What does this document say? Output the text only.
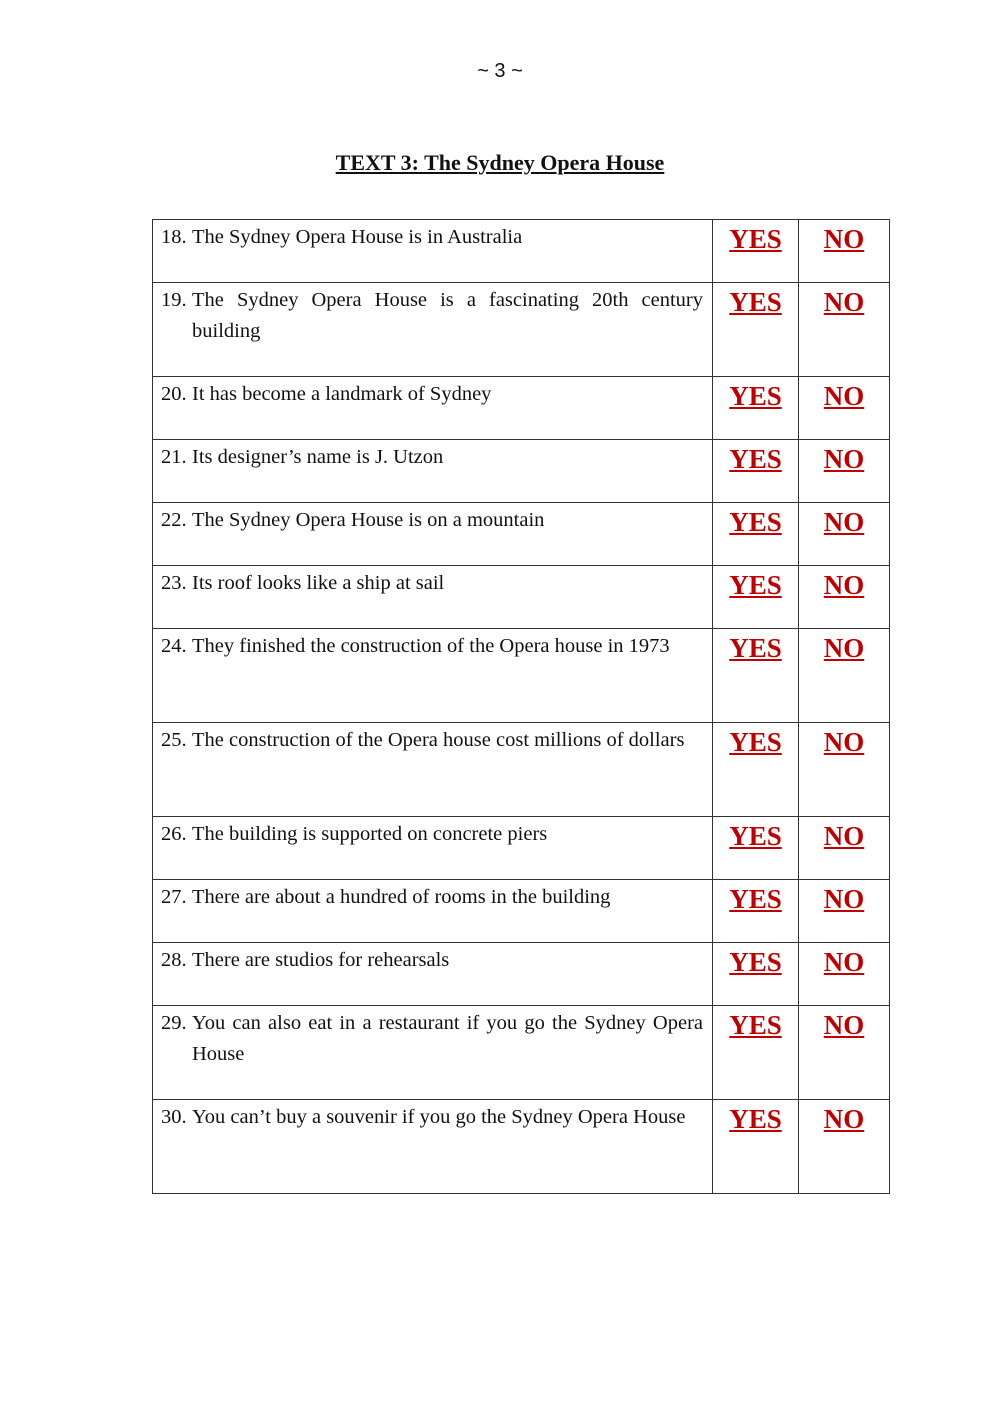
~ 3 ~
TEXT 3: The Sydney Opera House
18. The Sydney Opera House is in Australia	YES	NO

19. The Sydney Opera House is a fascinating 20th century building	YES	NO

20. It has become a landmark of Sydney	YES	NO

21. Its designer’s name is J. Utzon	YES	NO

22. The Sydney Opera House is on a mountain	YES	NO

23. Its roof looks like a ship at sail	YES	NO

24. They finished the construction of the Opera house in 1973	YES	NO

25. The construction of the Opera house cost millions of dollars	YES	NO

26. The building is supported on concrete piers	YES	NO

27. There are about a hundred of rooms in the building	YES	NO

28. There are studios for rehearsals	YES	NO

29. You can also eat in a restaurant if you go the Sydney Opera House	YES	NO

30. You can’t buy a souvenir if you go the Sydney Opera House	YES	NO
